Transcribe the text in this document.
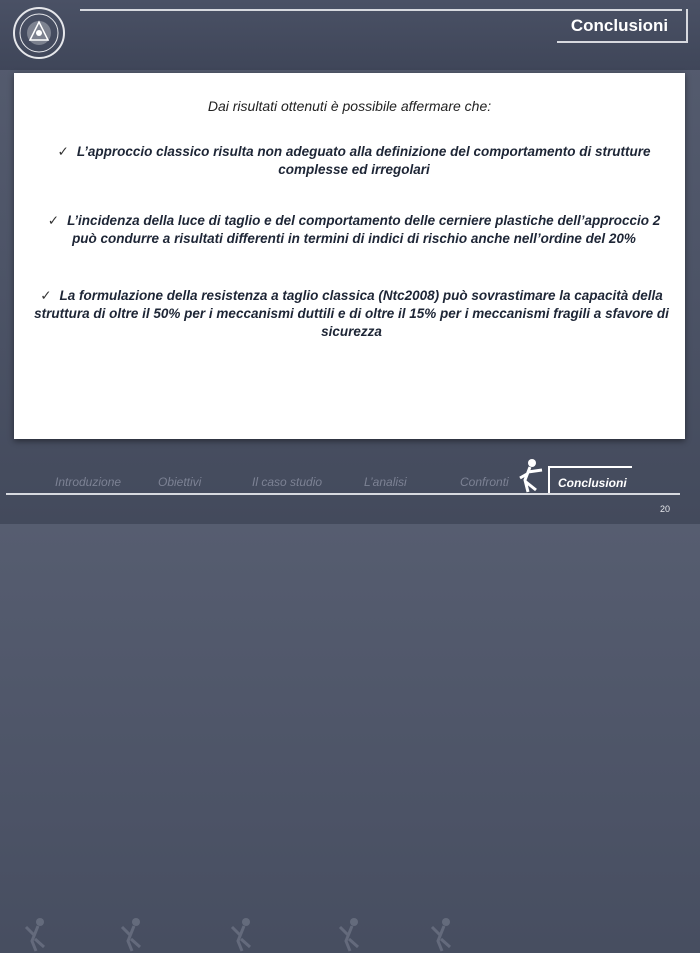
Conclusioni
Dai risultati ottenuti è possibile affermare che:
✓ L’approccio classico risulta non adeguato alla definizione del comportamento di strutture complesse ed irregolari
✓ L’incidenza della luce di taglio e del comportamento delle cerniere plastiche dell’approccio 2 può condurre a risultati differenti in termini di indici di rischio anche nell’ordine del 20%
✓ La formulazione della resistenza a taglio classica (Ntc2008) può sovrastimare la capacità della struttura di oltre il 50% per i meccanismi duttili e di oltre il 15% per i meccanismi fragili a sfavore di sicurezza
Introduzione	Obiettivi	Il caso studio	L’analisi	Confronti	Conclusioni
20
